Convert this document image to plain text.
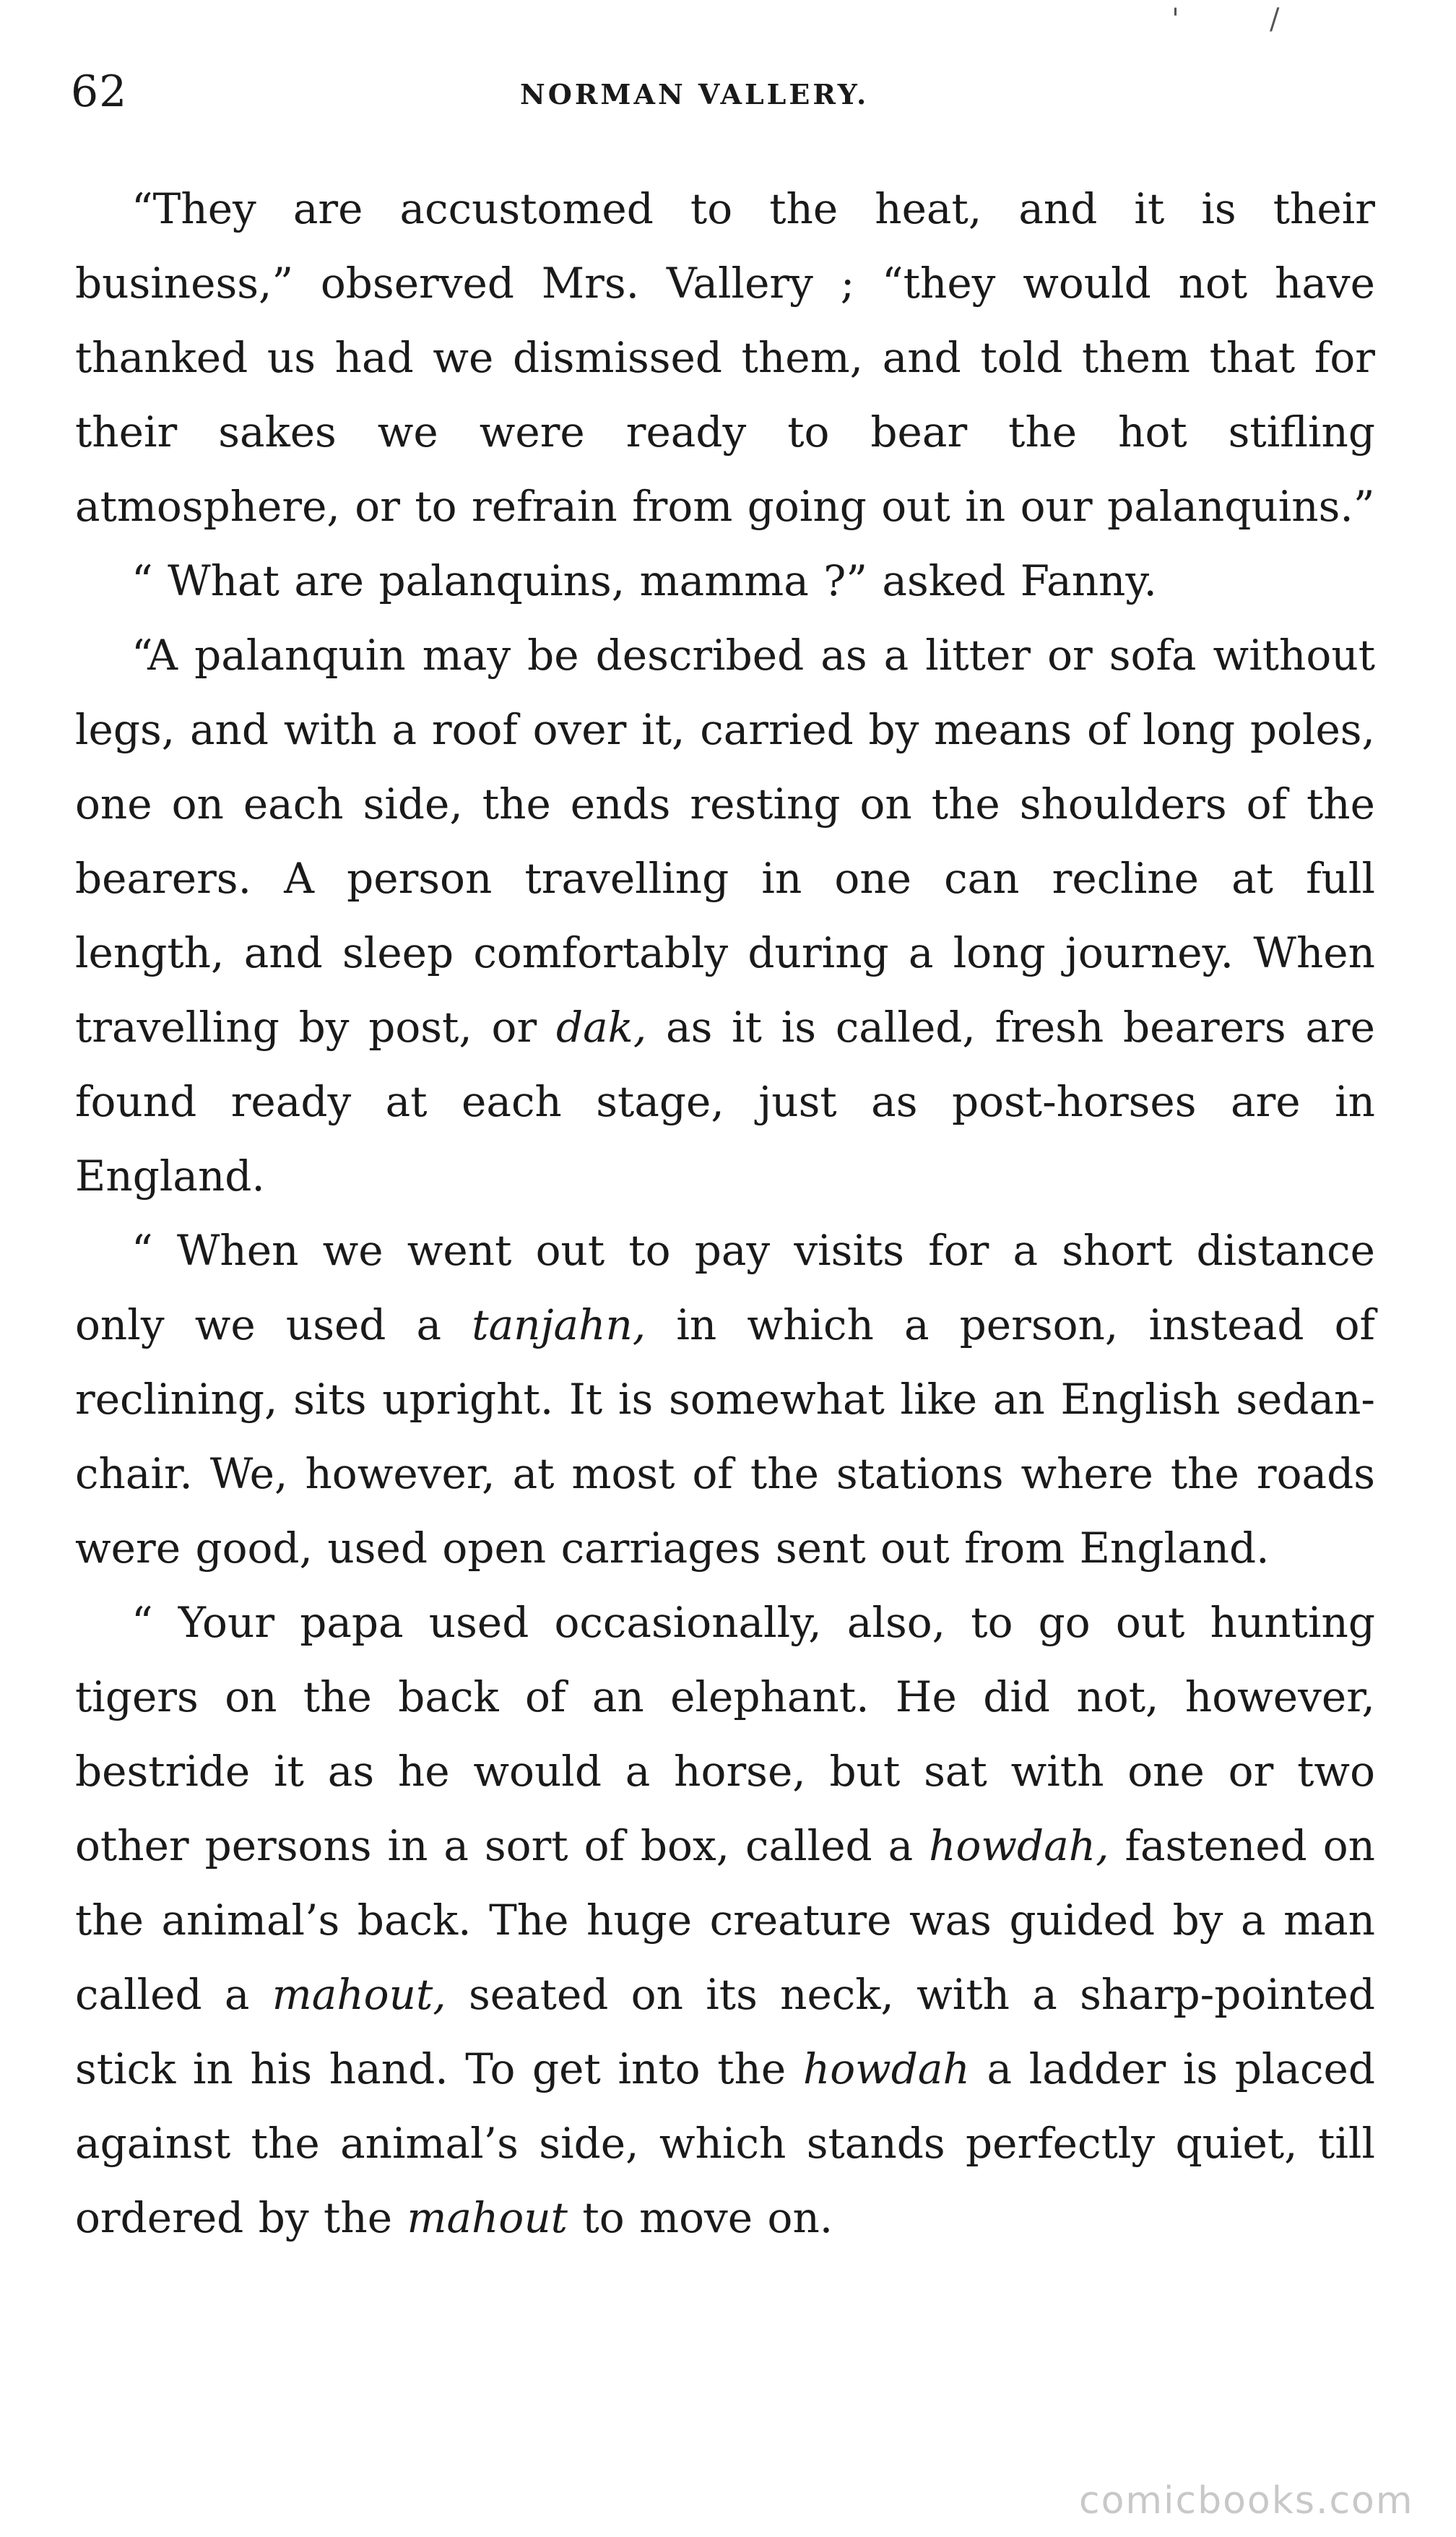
'	/
62	NORMAN VALLERY.

“They are accustomed to the heat, and it is their business,” observed Mrs. Vallery ; “they would not have thanked us had we dismissed them, and told them that for their sakes we were ready to bear the hot stifling atmosphere, or to refrain from going out in our palanquins.”

“ What are palanquins, mamma ?” asked Fanny.

“A palanquin may be described as a litter or sofa without legs, and with a roof over it, carried by means of long poles, one on each side, the ends resting on the shoulders of the bearers. A person travelling in one can recline at full length, and sleep comfortably during a long journey. When travelling by post, or dak, as it is called, fresh bearers are found ready at each stage, just as post-horses are in England.

“ When we went out to pay visits for a short distance only we used a tanjahn, in which a person, instead of reclining, sits upright. It is somewhat like an English sedan-chair. We, however, at most of the stations where the roads were good, used open carriages sent out from England.

“ Your papa used occasionally, also, to go out hunting tigers on the back of an elephant. He did not, however, bestride it as he would a horse, but sat with one or two other persons in a sort of box, called a howdah, fastened on the animal’s back. The huge creature was guided by a man called a mahout, seated on its neck, with a sharp-pointed stick in his hand. To get into the howdah a ladder is placed against the animal’s side, which stands perfectly quiet, till ordered by the mahout to move on.

comicbooks.com
